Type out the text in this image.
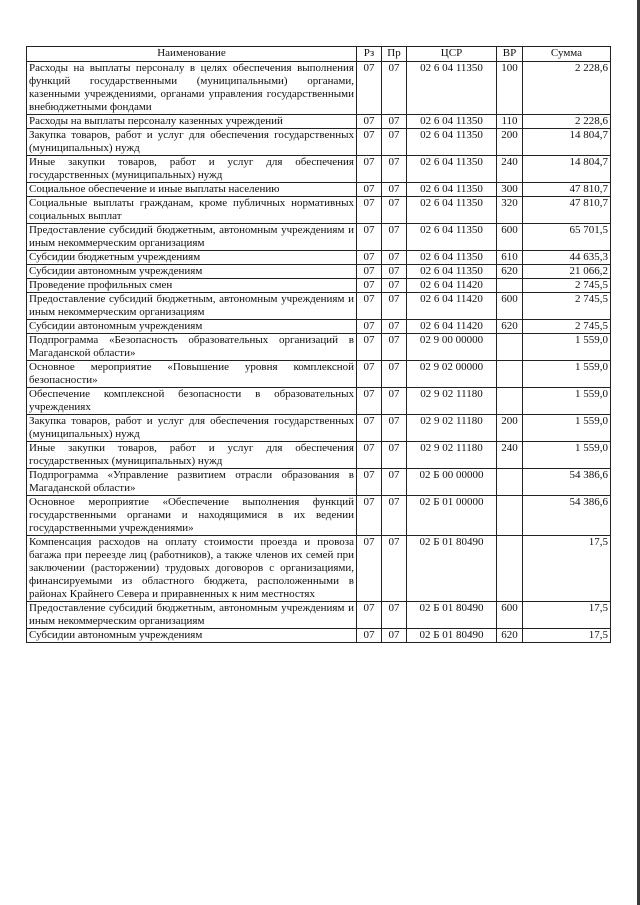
Наименование	Рз	Пр	ЦСР	ВР	Сумма
Расходы на выплаты персоналу в целях обеспечения выполнения функций государственными (муниципальными) органами, казенными учреждениями, органами управления государственными внебюджетными фондами	07	07	02 6 04 11350	100	2 228,6
Расходы на выплаты персоналу казенных учреждений	07	07	02 6 04 11350	110	2 228,6
Закупка товаров, работ и услуг для обеспечения государственных (муниципальных) нужд	07	07	02 6 04 11350	200	14 804,7
Иные закупки товаров, работ и услуг для обеспечения государственных (муниципальных) нужд	07	07	02 6 04 11350	240	14 804,7
Социальное обеспечение и иные выплаты населению	07	07	02 6 04 11350	300	47 810,7
Социальные выплаты гражданам, кроме публичных нормативных социальных выплат	07	07	02 6 04 11350	320	47 810,7
Предоставление субсидий бюджетным, автономным учреждениям и иным некоммерческим организациям	07	07	02 6 04 11350	600	65 701,5
Субсидии бюджетным учреждениям	07	07	02 6 04 11350	610	44 635,3
Субсидии автономным учреждениям	07	07	02 6 04 11350	620	21 066,2
Проведение профильных смен	07	07	02 6 04 11420		2 745,5
Предоставление субсидий бюджетным, автономным учреждениям и иным некоммерческим организациям	07	07	02 6 04 11420	600	2 745,5
Субсидии автономным учреждениям	07	07	02 6 04 11420	620	2 745,5
Подпрограмма «Безопасность образовательных организаций в Магаданской области»	07	07	02 9 00 00000		1 559,0
Основное мероприятие «Повышение уровня комплексной безопасности»	07	07	02 9 02 00000		1 559,0
Обеспечение комплексной безопасности в образовательных учреждениях	07	07	02 9 02 11180		1 559,0
Закупка товаров, работ и услуг для обеспечения государственных (муниципальных) нужд	07	07	02 9 02 11180	200	1 559,0
Иные закупки товаров, работ и услуг для обеспечения государственных (муниципальных) нужд	07	07	02 9 02 11180	240	1 559,0
Подпрограмма «Управление развитием отрасли образования в Магаданской области»	07	07	02 Б 00 00000		54 386,6
Основное мероприятие «Обеспечение выполнения функций государственными органами и находящимися в их ведении государственными учреждениями»	07	07	02 Б 01 00000		54 386,6
Компенсация расходов на оплату стоимости проезда и провоза багажа при переезде лиц (работников), а также членов их семей при заключении (расторжении) трудовых договоров с организациями, финансируемыми из областного бюджета, расположенными в районах Крайнего Севера и приравненных к ним местностях	07	07	02 Б 01 80490		17,5
Предоставление субсидий бюджетным, автономным учреждениям и иным некоммерческим организациям	07	07	02 Б 01 80490	600	17,5
Субсидии автономным учреждениям	07	07	02 Б 01 80490	620	17,5
